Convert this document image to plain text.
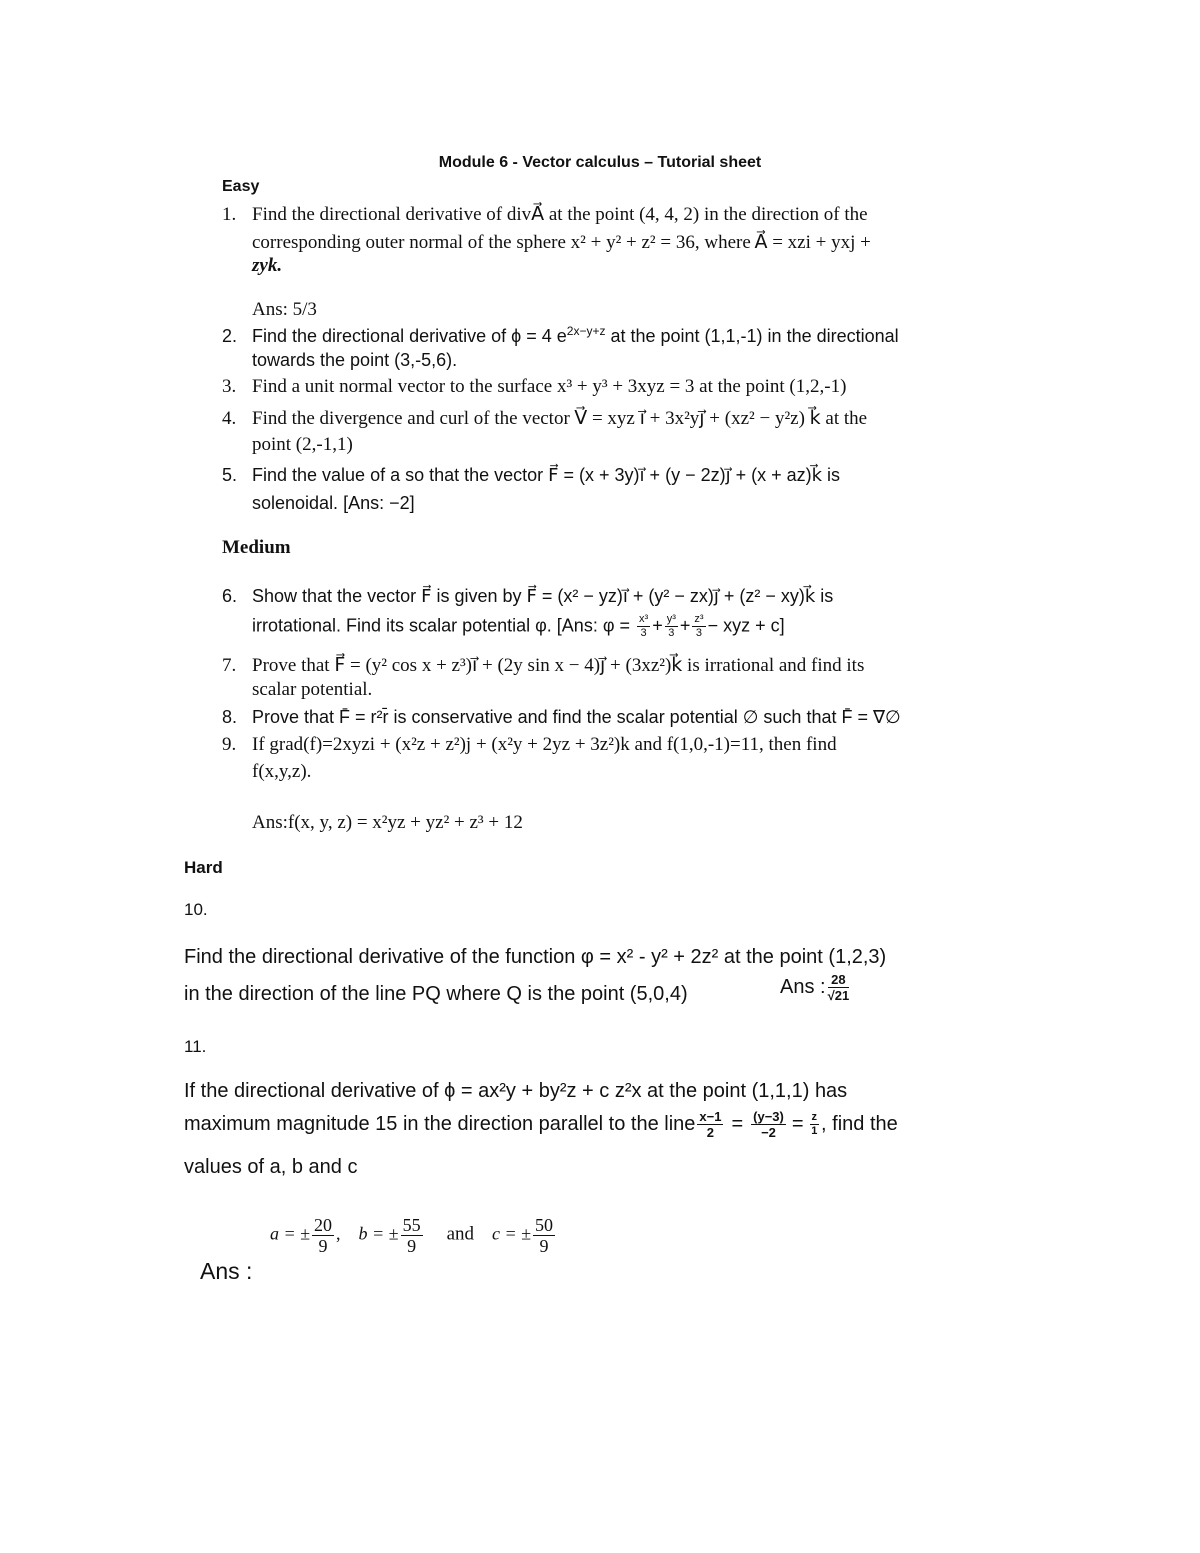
Module 6 - Vector calculus – Tutorial sheet
Easy
1. Find the directional derivative of divA⃗ at the point (4, 4, 2) in the direction of the
corresponding outer normal of the sphere x² + y² + z² = 36, where A⃗ = xzi + yxj +
zyk.
Ans: 5/3
2. Find the directional derivative of ϕ = 4 $e^{2x-y+z}$ at the point (1,1,-1) in the directional
towards the point (3,-5,6).
3. Find a unit normal vector to the surface x³ + y³ + 3xyz = 3 at the point (1,2,-1)
4. Find the divergence and curl of the vector V⃗ = xyz i⃗ + 3x²yj⃗ + (xz² − y²z) k⃗ at the
point (2,-1,1)
5. Find the value of a so that the vector F⃗ = (x + 3y)i⃗ + (y − 2z)j⃗ + (x + az)k⃗ is
solenoidal. [Ans: −2]
Medium
6. Show that the vector F⃗ is given by F⃗ = (x² − yz)i⃗ + (y² − zx)j⃗ + (z² − xy)k⃗ is
irrotational. Find its scalar potential φ. [Ans: $\varphi = \frac{\text{x³}}{3} + \frac{\text{y³}}{3} + \frac{\text{z³}}{3}$ − xyz + c]
7. Prove that F⃗ = (y² cos x + z³)i⃗ + (2y sin x − 4)j⃗ + (3xz²)k⃗ is irrational and find its
scalar potential.
8. Prove that F̄ = r²r̄ is conservative and find the scalar potential ∅ such that F̄ = ∇∅
9. If grad(f)=2xyzi + (x²z + z²)j + (x²y + 2yz + 3z²)k and f(1,0,-1)=11, then find
f(x,y,z).
Ans:f(x, y, z) = x²yz + yz² + z³ + 12
Hard
10.
Find the directional derivative of the function φ = x² - y² + 2z² at the point (1,2,3)
in the direction of the line PQ where Q is the point (5,0,4)	Ans : $\frac{28}{√21}$
11.
If the directional derivative of ϕ = ax²y + by²z + c z²x at the point (1,1,1) has
maximum magnitude 15 in the direction parallel to the line $\frac{x-1}{2} = \frac{(y-3)}{-2} = \frac{z}{1}$ , find the
values of a, b and c
Ans :
a = ± $\frac{20}{9}$ , b = ± $\frac{55}{9}$ and c = ± $\frac{50}{9}$
